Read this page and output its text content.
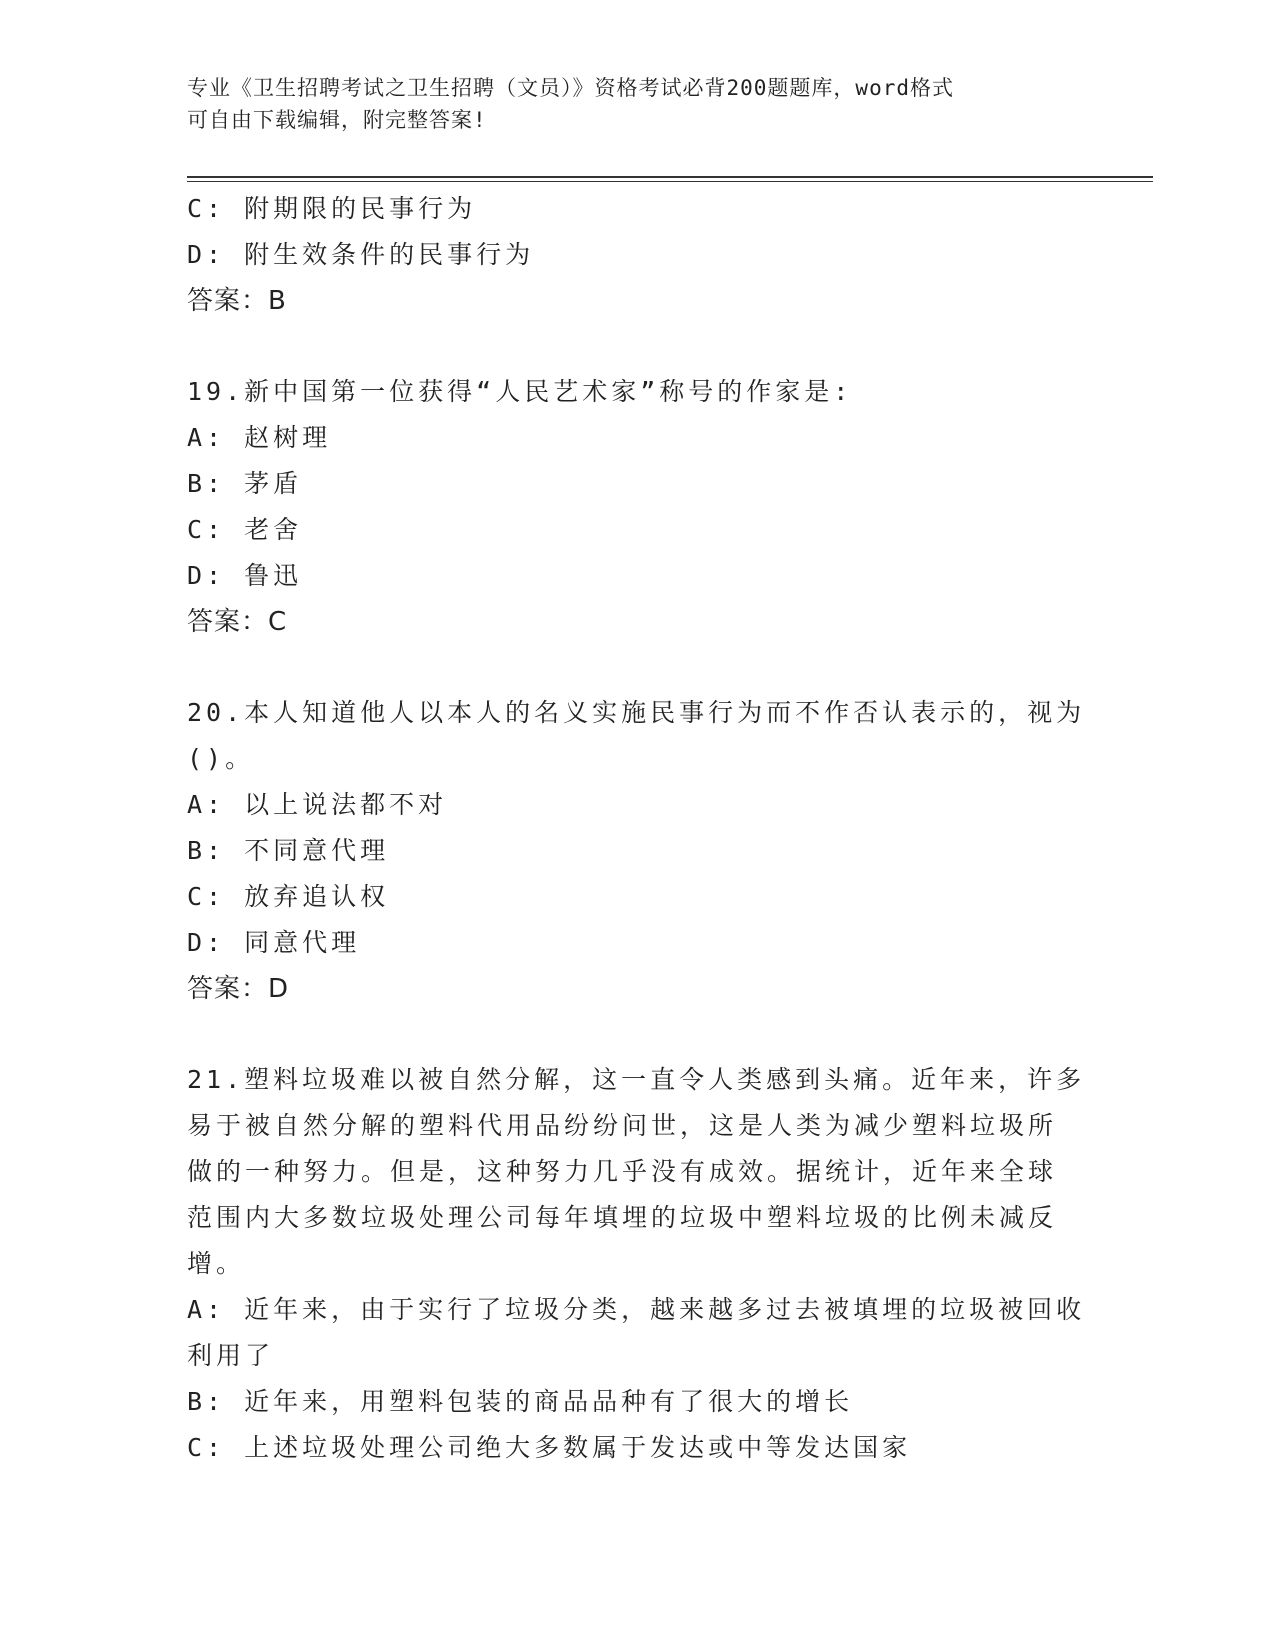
专业《卫生招聘考试之卫生招聘（文员）》资格考试必背200题题库，word格式
可自由下载编辑，附完整答案!
C: 附期限的民事行为
D: 附生效条件的民事行为
答案：B
19.新中国第一位获得“人民艺术家”称号的作家是:
A: 赵树理
B: 茅盾
C: 老舍
D: 鲁迅
答案：C
20.本人知道他人以本人的名义实施民事行为而不作否认表示的，视为
()。
A: 以上说法都不对
B: 不同意代理
C: 放弃追认权
D: 同意代理
答案：D
21.塑料垃圾难以被自然分解，这一直令人类感到头痛。近年来，许多
易于被自然分解的塑料代用品纷纷问世，这是人类为减少塑料垃圾所
做的一种努力。但是，这种努力几乎没有成效。据统计，近年来全球
范围内大多数垃圾处理公司每年填埋的垃圾中塑料垃圾的比例未减反
增。
A: 近年来，由于实行了垃圾分类，越来越多过去被填埋的垃圾被回收
利用了
B: 近年来，用塑料包装的商品品种有了很大的增长
C: 上述垃圾处理公司绝大多数属于发达或中等发达国家
